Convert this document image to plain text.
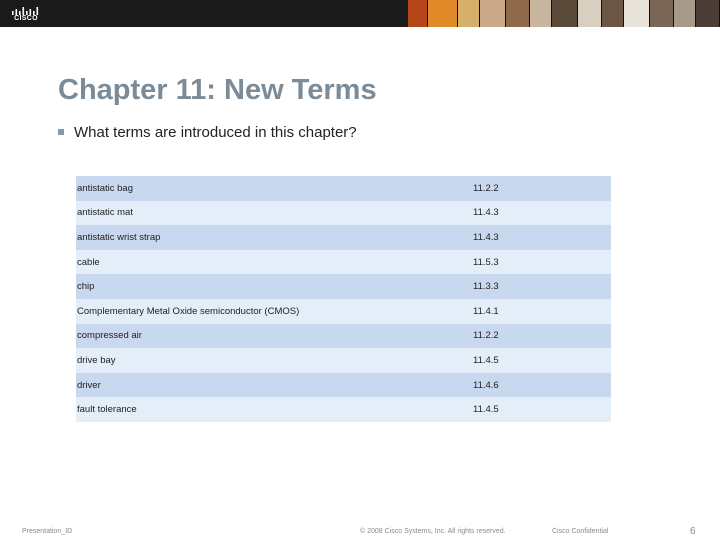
CISCO
Chapter 11: New Terms
What terms are introduced in this chapter?
antistatic bag	11.2.2
antistatic mat	11.4.3
antistatic wrist strap	11.4.3
cable	11.5.3
chip	11.3.3
Complementary Metal Oxide semiconductor (CMOS)	11.4.1
compressed air	11.2.2
drive bay	11.4.5
driver	11.4.6
fault tolerance	11.4.5
Presentation_ID	© 2008 Cisco Systems, Inc. All rights reserved.	Cisco Confidential	6
